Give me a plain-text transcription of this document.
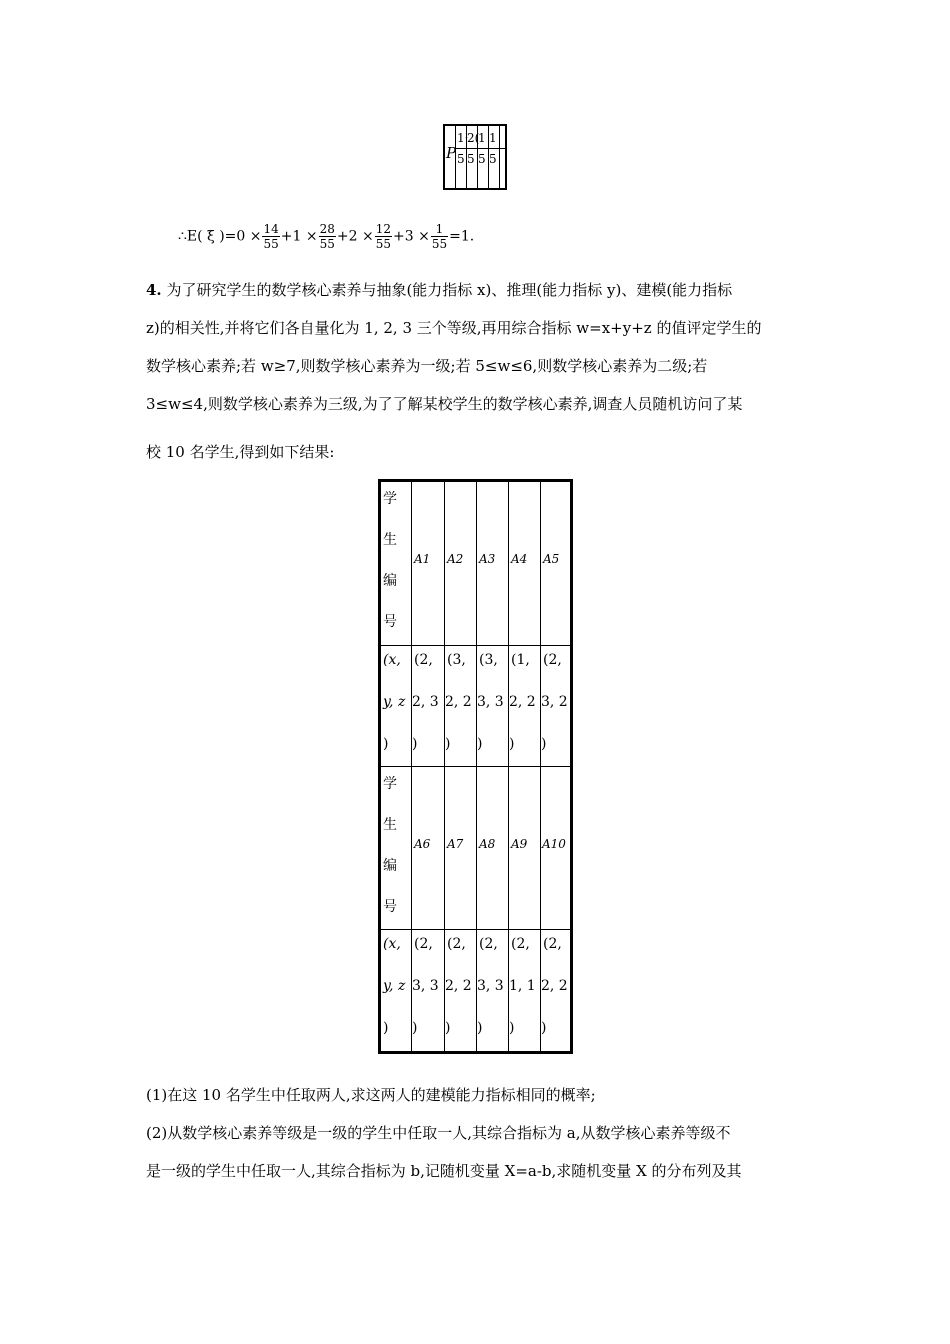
P
1·
2(
1 1
5 5 5 5
∴E( ξ )$=0 \times \frac{14}{55} +1 \times \frac{28}{55} +2 \times \frac{12}{55} +3 \times \frac{1}{55} =1$.
4. 为了研究学生的数学核心素养与抽象(能力指标 x)、推理(能力指标 y)、建模(能力指标
z)的相关性,并将它们各自量化为 1, 2, 3 三个等级,再用综合指标 w=x+y+z 的值评定学生的
数学核心素养;若 w≥7,则数学核心素养为一级;若 5≤w≤6,则数学核心素养为二级;若
3≤w≤4,则数学核心素养为三级,为了了解某校学生的数学核心素养,调查人员随机访问了某
校 10 名学生,得到如下结果:
学
生
编
号
A1 A2 A3 A4 A5
(x,
y, z
)
(2,
2, 3
)
(3,
2, 2
)
(3,
3, 3
)
(1,
2, 2
)
(2,
3, 2
)
学
生
编
号
A6 A7 A8 A9 A10
(x,
y, z
)
(2,
3, 3
)
(2,
2, 2
)
(2,
3, 3
)
(2,
1, 1
)
(2,
2, 2
)
(1)在这 10 名学生中任取两人,求这两人的建模能力指标相同的概率;
(2)从数学核心素养等级是一级的学生中任取一人,其综合指标为 a,从数学核心素养等级不
是一级的学生中任取一人,其综合指标为 b,记随机变量 X=a-b,求随机变量 X 的分布列及其
